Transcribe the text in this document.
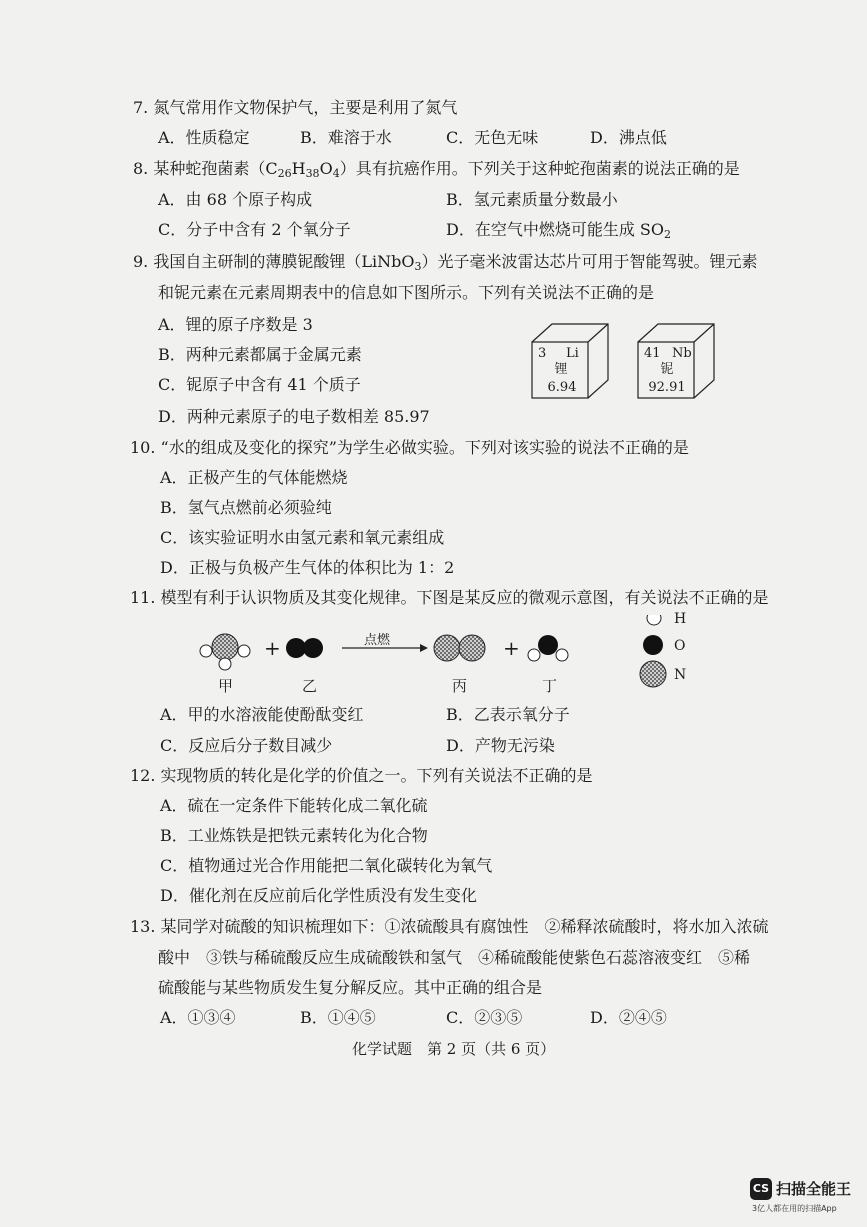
7. 氮气常用作文物保护气，主要是利用了氮气
A．性质稳定	B．难溶于水	C．无色无味	D．沸点低
8. 某种蛇孢菌素$(C_{26}H_{38}O_4)$具有抗癌作用。下列关于这种蛇孢菌素的说法正确的是
A．由 68 个原子构成	B．氢元素质量分数最小
C．分子中含有 2 个氧分子	D．在空气中燃烧可能生成 $SO_2$
9. 我国自主研制的薄膜铌酸锂（LiNbO$_3$）光子毫米波雷达芯片可用于智能驾驶。锂元素
和铌元素在元素周期表中的信息如下图所示。下列有关说法不正确的是
A．锂的原子序数是 3
B．两种元素都属于金属元素
C．铌原子中含有 41 个质子
D．两种元素原子的电子数相差 85.97
3 Li
锂
6.94
41 Nb
铌
92.91
10. “水的组成及变化的探究”为学生必做实验。下列对该实验的说法不正确的是
A．正极产生的气体能燃烧
B．氢气点燃前必须验纯
C．该实验证明水由氢元素和氧元素组成
D．正极与负极产生气体的体积比为 1：2
11. 模型有利于认识物质及其变化规律。下图是某反应的微观示意图，有关说法不正确的是
+	+
点燃
甲	乙	丙	丁
H
O
N
A．甲的水溶液能使酚酞变红	B．乙表示氧分子
C．反应后分子数目减少	D．产物无污染
12. 实现物质的转化是化学的价值之一。下列有关说法不正确的是
A．硫在一定条件下能转化成二氧化硫
B．工业炼铁是把铁元素转化为化合物
C．植物通过光合作用能把二氧化碳转化为氧气
D．催化剂在反应前后化学性质没有发生变化
13. 某同学对硫酸的知识梳理如下：①浓硫酸具有腐蚀性　②稀释浓硫酸时，将水加入浓硫
酸中　③铁与稀硫酸反应生成硫酸铁和氢气　④稀硫酸能使紫色石蕊溶液变红　⑤稀
硫酸能与某些物质发生复分解反应。其中正确的组合是
A．①③④	B．①④⑤	C．②③⑤	D．②④⑤
化学试题　第 2 页（共 6 页）
CS 扫描全能王
3亿人都在用的扫描App
